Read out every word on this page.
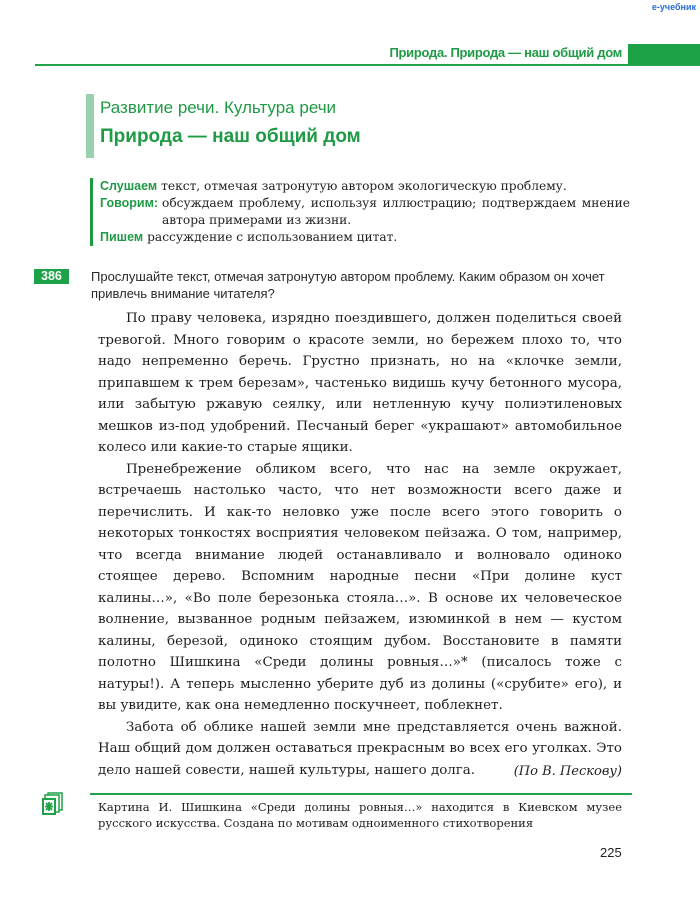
e-учебник
Природа. Природа — наш общий дом
Развитие речи. Культура речи
Природа — наш общий дом
Слушаем текст, отмечая затронутую автором экологическую проблему.
Говорим: обсуждаем проблему, используя иллюстрацию; подтверждаем мнение автора примерами из жизни.
Пишем рассуждение с использованием цитат.
386	Прослушайте текст, отмечая затронутую автором проблему. Каким образом он хочет привлечь внимание читателя?

По праву человека, изрядно поездившего, должен поделиться своей тревогой. Много говорим о красоте земли, но бережем плохо то, что надо непременно беречь. Грустно признать, но на «клочке земли, припавшем к трем березам», частенько видишь кучу бетонного мусора, или забытую ржавую сеялку, или нетленную кучу полиэтиленовых мешков из-под удобрений. Песчаный берег «украшают» автомобильное колесо или какие-то старые ящики.

Пренебрежение обликом всего, что нас на земле окружает, встречаешь настолько часто, что нет возможности всего даже и перечислить. И как-то неловко уже после всего этого говорить о некоторых тонкостях восприятия человеком пейзажа. О том, например, что всегда внимание людей останавливало и волновало одиноко стоящее дерево. Вспомним народные песни «При долине куст калины…», «Во поле березонька стояла…». В основе их человеческое волнение, вызванное родным пейзажем, изюминкой в нем — кустом калины, березой, одиноко стоящим дубом. Восстановите в памяти полотно Шишкина «Среди долины ровныя…»* (писалось тоже с натуры!). А теперь мысленно уберите дуб из долины («срубите» его), и вы увидите, как она немедленно поскучнеет, поблекнет.

Забота об облике нашей земли мне представляется очень важной. Наш общий дом должен оставаться прекрасным во всех его уголках. Это дело нашей совести, нашей культуры, нашего долга.	(По В. Пескову)
Картина И. Шишкина «Среди долины ровныя…» находится в Киевском музее русского искусства. Создана по мотивам одноименного стихотворения
225
